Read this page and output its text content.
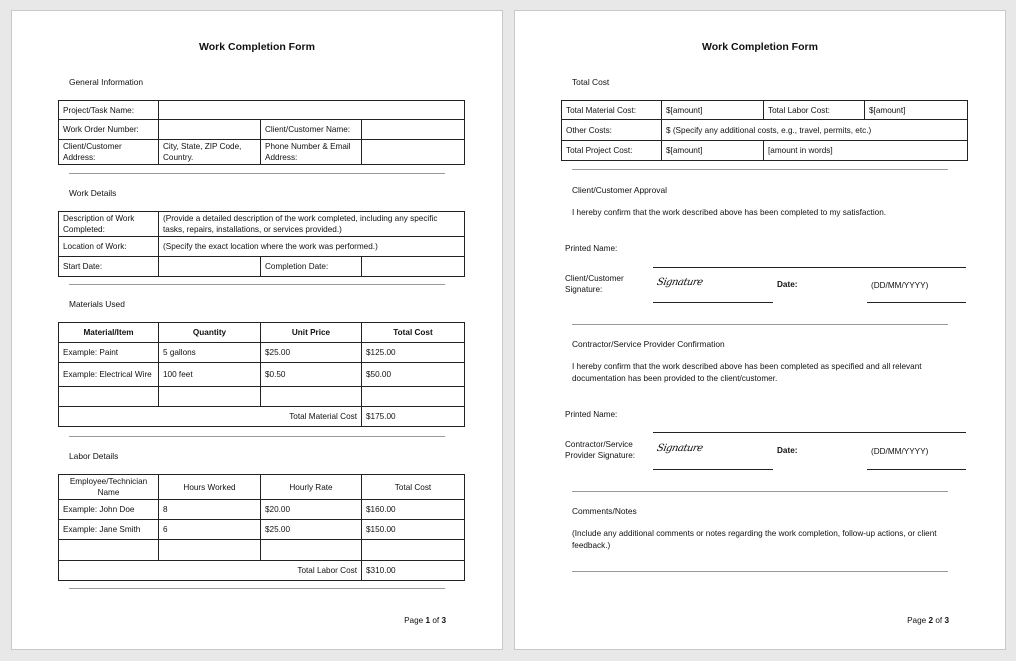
Work Completion Form
General Information
Project/Task Name:			
Work Order Number:		Client/Customer Name:	
Client/Customer Address:	City, State, ZIP Code, Country.	Phone Number & Email Address:	
Work Details
Description of Work Completed:	(Provide a detailed description of the work completed, including any specific tasks, repairs, installations, or services provided.)		
Location of Work:	(Specify the exact location where the work was performed.)		
Start Date:		Completion Date:	
Materials Used
Material/Item	Quantity	Unit Price	Total Cost
Example: Paint	5 gallons	$25.00	$125.00
Example: Electrical Wire	100 feet	$0.50	$50.00

Total Material Cost			$175.00
Labor Details
Employee/Technician Name	Hours Worked	Hourly Rate	Total Cost
Example: John Doe	8	$20.00	$160.00
Example: Jane Smith	6	$25.00	$150.00

Total Labor Cost			$310.00
Page 1 of 3
Work Completion Form
Total Cost
Total Material Cost:	$[amount]	Total Labor Cost:	$[amount]
Other Costs:	$ (Specify any additional costs, e.g., travel, permits, etc.)		
Total Project Cost:	$[amount]	[amount in words]	
Client/Customer Approval
I hereby confirm that the work described above has been completed to my satisfaction.
Printed Name:
Client/Customer Signature:
Signature	Date:	(DD/MM/YYYY)
Contractor/Service Provider Confirmation
I hereby confirm that the work described above has been completed as specified and all relevant documentation has been provided to the client/customer.
Printed Name:
Contractor/Service Provider Signature:
Signature	Date:	(DD/MM/YYYY)
Comments/Notes
(Include any additional comments or notes regarding the work completion, follow-up actions, or client feedback.)
Page 2 of 3
